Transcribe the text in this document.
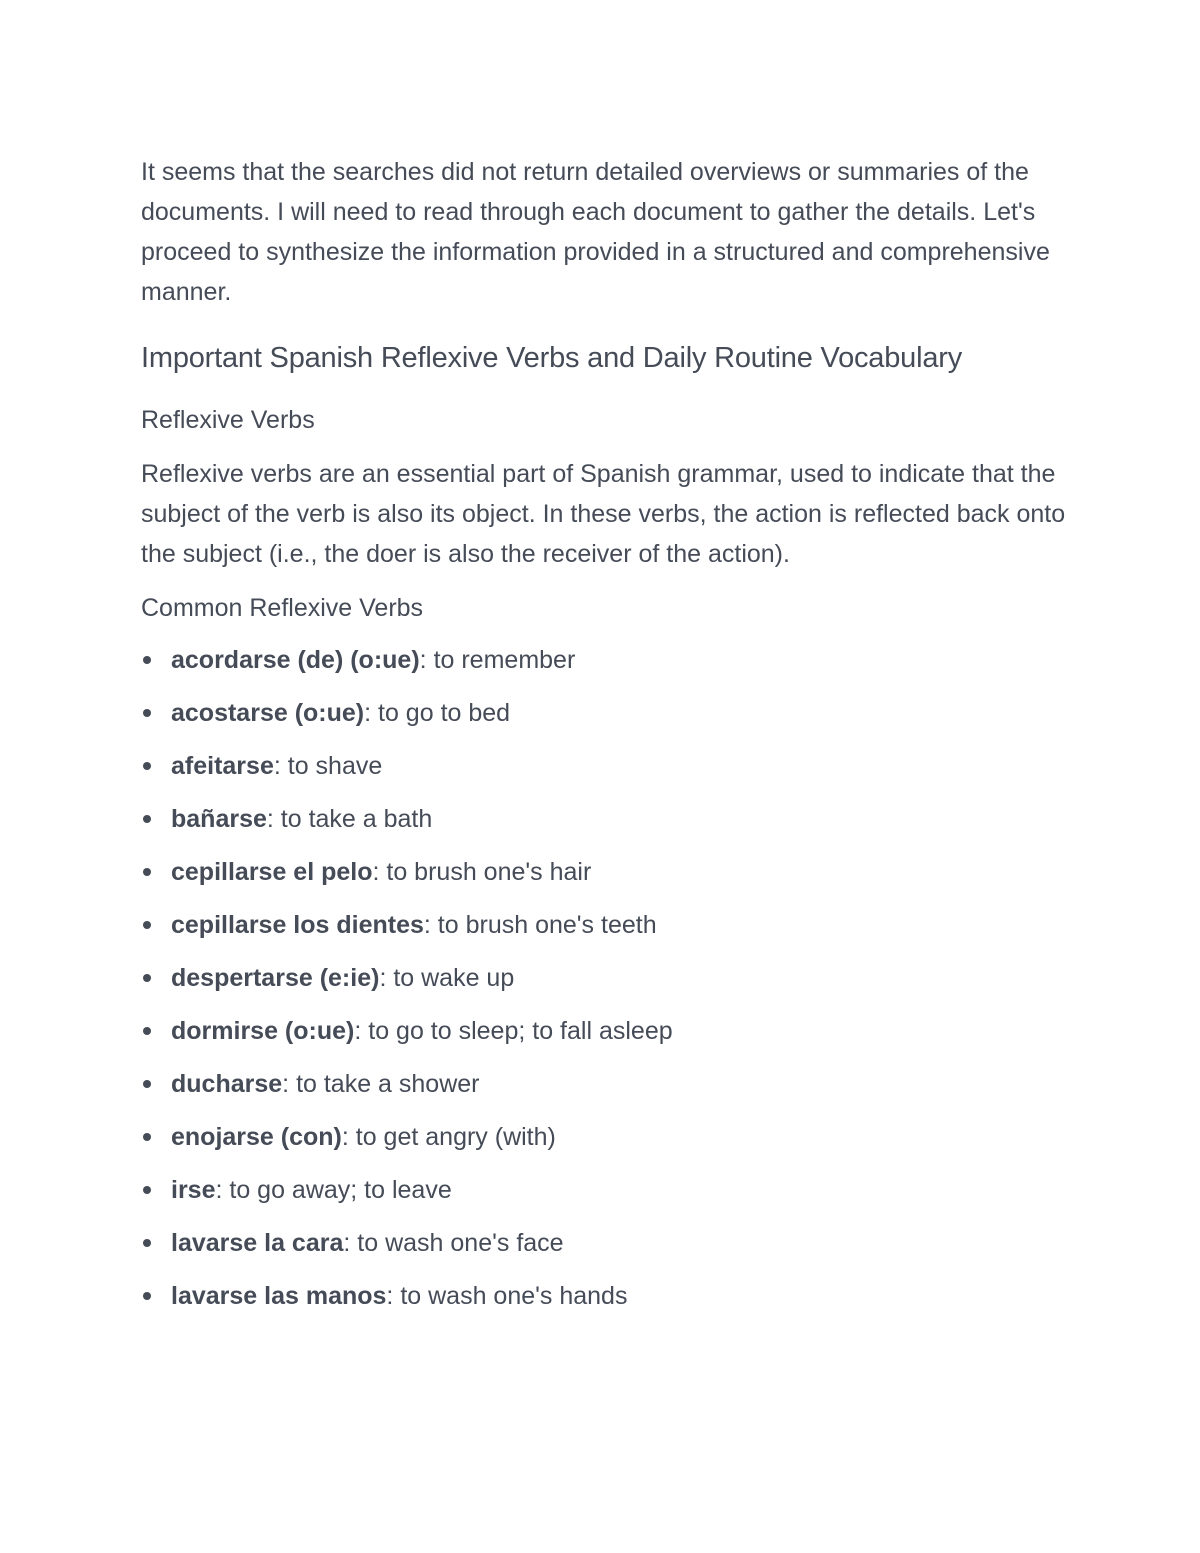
It seems that the searches did not return detailed overviews or summaries of the documents. I will need to read through each document to gather the details. Let's proceed to synthesize the information provided in a structured and comprehensive manner.

Important Spanish Reflexive Verbs and Daily Routine Vocabulary
Reflexive Verbs

Reflexive verbs are an essential part of Spanish grammar, used to indicate that the subject of the verb is also its object. In these verbs, the action is reflected back onto the subject (i.e., the doer is also the receiver of the action).

Common Reflexive Verbs
acordarse (de) (o:ue): to remember
acostarse (o:ue): to go to bed
afeitarse: to shave
bañarse: to take a bath
cepillarse el pelo: to brush one's hair
cepillarse los dientes: to brush one's teeth
despertarse (e:ie): to wake up
dormirse (o:ue): to go to sleep; to fall asleep
ducharse: to take a shower
enojarse (con): to get angry (with)
irse: to go away; to leave
lavarse la cara: to wash one's face
lavarse las manos: to wash one's hands
